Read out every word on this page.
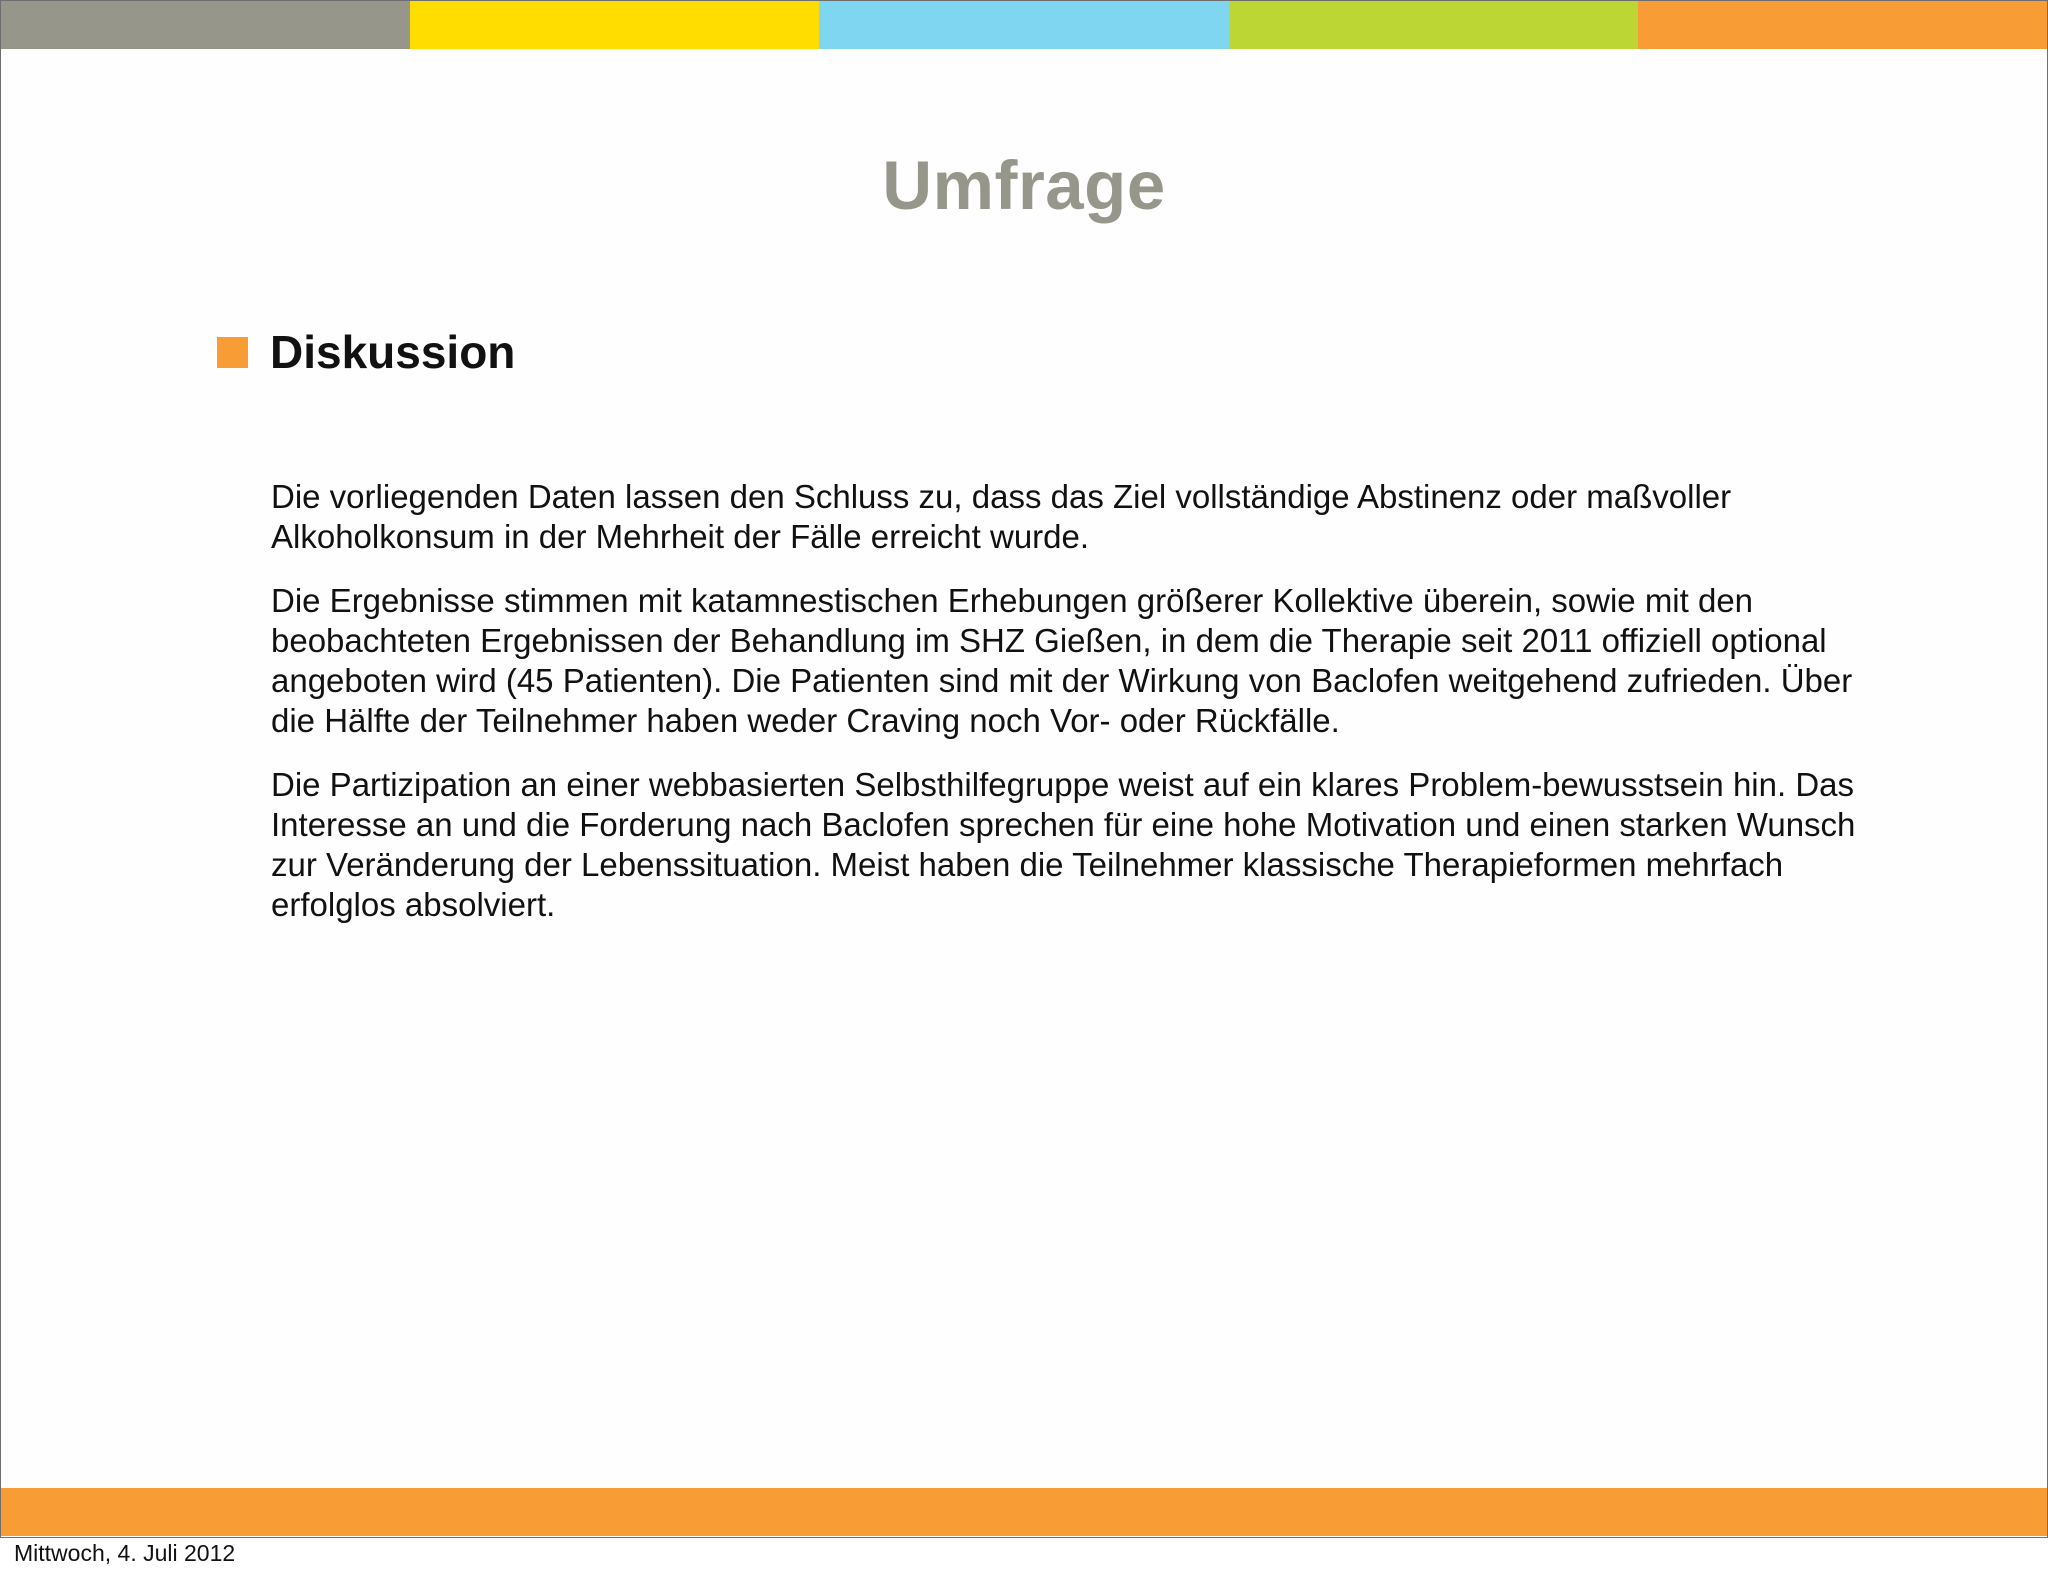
Umfrage
Diskussion

Die vorliegenden Daten lassen den Schluss zu, dass das Ziel vollständige Abstinenz oder maßvoller Alkoholkonsum in der Mehrheit der Fälle erreicht wurde.

Die Ergebnisse stimmen mit katamnestischen Erhebungen größerer Kollektive überein, sowie mit den beobachteten Ergebnissen der Behandlung im SHZ Gießen, in dem die Therapie seit 2011 offiziell optional angeboten wird (45 Patienten). Die Patienten sind mit der Wirkung von Baclofen weitgehend zufrieden. Über die Hälfte der Teilnehmer haben weder Craving noch Vor- oder Rückfälle.

Die Partizipation an einer webbasierten Selbsthilfegruppe weist auf ein klares Problem-bewusstsein hin. Das Interesse an und die Forderung nach Baclofen sprechen für eine hohe Motivation und einen starken Wunsch zur Veränderung der Lebenssituation. Meist haben die Teilnehmer klassische Therapieformen mehrfach erfolglos absolviert.

Mittwoch, 4. Juli 2012
